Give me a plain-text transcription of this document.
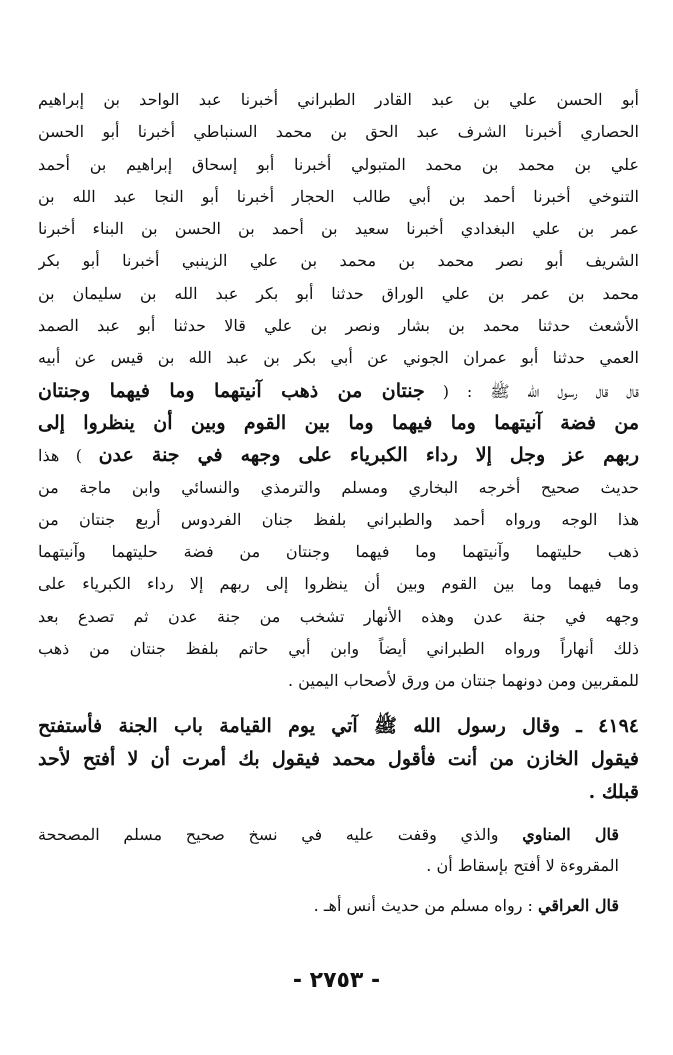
أبو الحسن علي بن عبد القادر الطبراني أخبرنا عبد الواحد بن إبراهيم
الحصاري أخبرنا الشرف عبد الحق بن محمد السنباطي أخبرنا أبو الحسن
علي بن محمد بن محمد المتبولي أخبرنا أبو إسحاق إبراهيم بن أحمد
التنوخي أخبرنا أحمد بن أبي طالب الحجار أخبرنا أبو النجا عبد الله بن
عمر بن علي البغدادي أخبرنا سعيد بن أحمد بن الحسن بن البناء أخبرنا
الشريف أبو نصر محمد بن محمد بن علي الزينبي أخبرنا أبو بكر
محمد بن عمر بن علي الوراق حدثنا أبو بكر عبد الله بن سليمان بن
الأشعث حدثنا محمد بن بشار ونصر بن علي قالا حدثنا أبو عبد الصمد
العمي حدثنا أبو عمران الجوني عن أبي بكر بن عبد الله بن قيس عن أبيه
قال قال رسول الله ﷺ : ( جنتان من ذهب آنيتهما وما فيهما وجنتان
من فضة آنيتهما وما فيهما وما بين القوم وبين أن ينظروا إلى
ربهم عز وجل إلا رداء الكبرياء على وجهه في جنة عدن ) هذا
حديث صحيح أخرجه البخاري ومسلم والترمذي والنسائي وابن ماجة من
هذا الوجه ورواه أحمد والطبراني بلفظ جنان الفردوس أربع جنتان من
ذهب حليتهما وآنيتهما وما فيهما وجنتان من فضة حليتهما وآنيتهما
وما فيهما وما بين القوم وبين أن ينظروا إلى ربهم إلا رداء الكبرياء على
وجهه في جنة عدن وهذه الأنهار تشخب من جنة عدن ثم تصدع بعد
ذلك أنهاراً ورواه الطبراني أيضاً وابن أبي حاتم بلفظ جنتان من ذهب
للمقربين ومن دونهما جنتان من ورق لأصحاب اليمين .
٤١٩٤ ـ وقال رسول الله ﷺ آتي يوم القيامة باب الجنة فأستفتح
فيقول الخازن من أنت فأقول محمد فيقول بك أمرت أن لا أفتح لأحد
قبلك .
قال المناوي والذي وقفت عليه في نسخ صحيح مسلم المصححة
المقروءة لا أفتح بإسقاط أن .
قال العراقي : رواه مسلم من حديث أنس أهـ .
- ٢٧٥٣ -
